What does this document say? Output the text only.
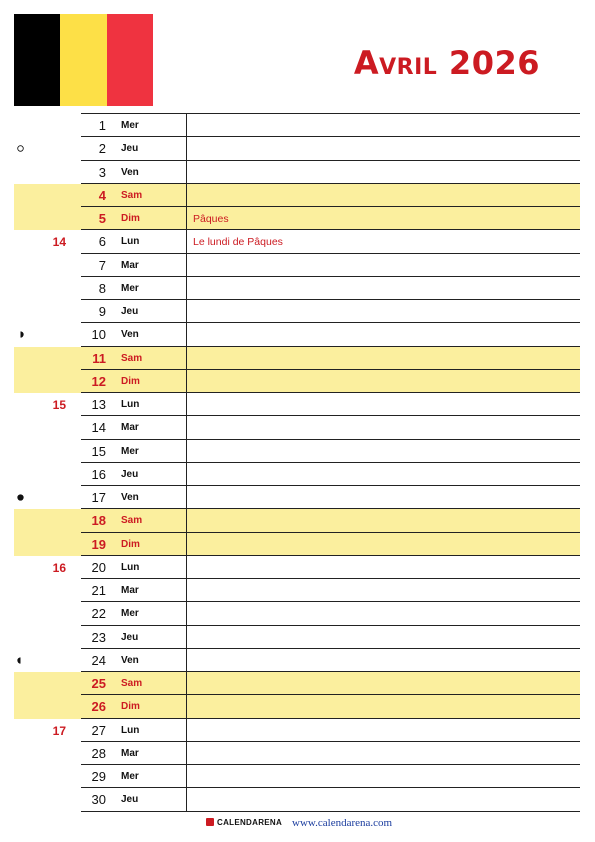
Avril 2026
1 Mer
2 Jeu
3 Ven
4 Sam
5 Dim	Pâques
6 Lun	Le lundi de Pâques
14
7 Mar
8 Mer
9 Jeu
10 Ven
11 Sam
12 Dim
13 Lun
15
14 Mar
15 Mer
16 Jeu
17 Ven
18 Sam
19 Dim
20 Lun
16
21 Mar
22 Mer
23 Jeu
24 Ven
25 Sam
26 Dim
27 Lun
17
28 Mar
29 Mer
30 Jeu
CALENDARENA www.calendarena.com
